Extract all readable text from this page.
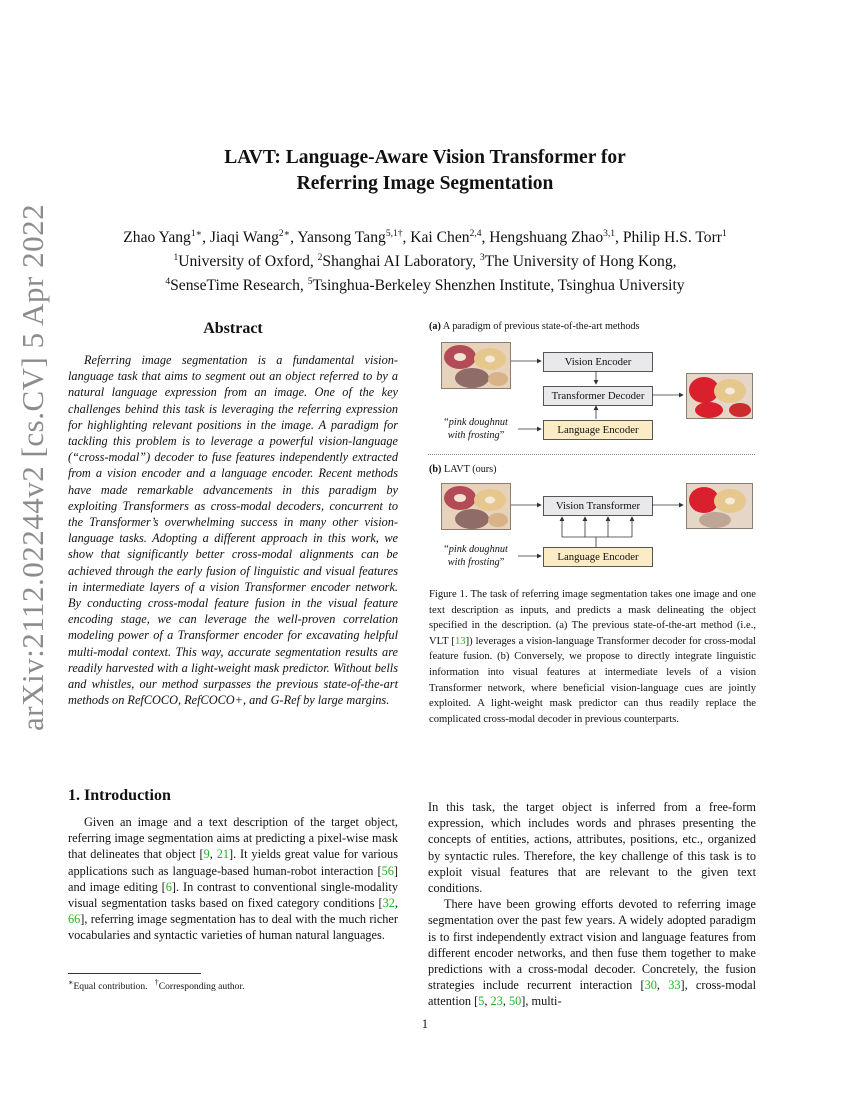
arXiv:2112.02244v2 [cs.CV] 5 Apr 2022
LAVT: Language-Aware Vision Transformer for
Referring Image Segmentation
Zhao Yang$^{1∗}$, Jiaqi Wang$^{2∗}$, Yansong Tang$^{5,1\dagger}$, Kai Chen$^{2,4}$, Hengshuang Zhao$^{3,1}$, Philip H.S. Torr$^1$
$^1$University of Oxford, $^2$Shanghai AI Laboratory, $^3$The University of Hong Kong,
$^4$SenseTime Research, $^5$Tsinghua-Berkeley Shenzhen Institute, Tsinghua University
Abstract
Referring image segmentation is a fundamental vision-language task that aims to segment out an object referred to by a natural language expression from an image. One of the key challenges behind this task is leveraging the referring expression for highlighting relevant positions in the image. A paradigm for tackling this problem is to leverage a powerful vision-language (“cross-modal”) decoder to fuse features independently extracted from a vision encoder and a language encoder. Recent methods have made remarkable advancements in this paradigm by exploiting Transformers as cross-modal decoders, concurrent to the Transformer’s overwhelming success in many other vision-language tasks. Adopting a different approach in this work, we show that significantly better cross-modal alignments can be achieved through the early fusion of linguistic and visual features in intermediate layers of a vision Transformer encoder network. By conducting cross-modal feature fusion in the visual feature encoding stage, we can leverage the well-proven correlation modeling power of a Transformer encoder for excavating helpful multi-modal context. This way, accurate segmentation results are readily harvested with a light-weight mask predictor. Without bells and whistles, our method surpasses the previous state-of-the-art methods on RefCOCO, RefCOCO+, and G-Ref by large margins.
1. Introduction

Given an image and a text description of the target object, referring image segmentation aims at predicting a pixel-wise mask that delineates that object [9, 21]. It yields great value for various applications such as language-based human-robot interaction [56] and image editing [6]. In contrast to conventional single-modality visual segmentation tasks based on fixed category conditions [32, 66], referring image segmentation has to deal with the much richer vocabularies and syntactic varieties of human natural languages.

In this task, the target object is inferred from a free-form expression, which includes words and phrases presenting the concepts of entities, actions, attributes, positions, etc., organized by syntactic rules. Therefore, the key challenge of this task is to exploit visual features that are relevant to the given text conditions.

There have been growing efforts devoted to referring image segmentation over the past few years. A widely adopted paradigm is to first independently extract vision and language features from different encoder networks, and then fuse them together to make predictions with a cross-modal decoder. Concretely, the fusion strategies include recurrent interaction [30, 33], cross-modal attention [5, 23, 50], multi-

∗Equal contribution. †Corresponding author.
1
(a) A paradigm of previous state-of-the-art methods
Vision Encoder
Transformer Decoder
Language Encoder
“pink doughnut
with frosting”
(b) LAVT (ours)
Vision Transformer
Language Encoder
“pink doughnut
with frosting”
Figure 1. The task of referring image segmentation takes one image and one text description as inputs, and predicts a mask delineating the object specified in the description. (a) The previous state-of-the-art method (i.e., VLT [13]) leverages a vision-language Transformer decoder for cross-modal feature fusion. (b) Conversely, we propose to directly integrate linguistic information into visual features at intermediate levels of a vision Transformer network, where beneficial vision-language cues are jointly exploited. A light-weight mask predictor can thus readily replace the complicated cross-modal decoder in previous counterparts.
